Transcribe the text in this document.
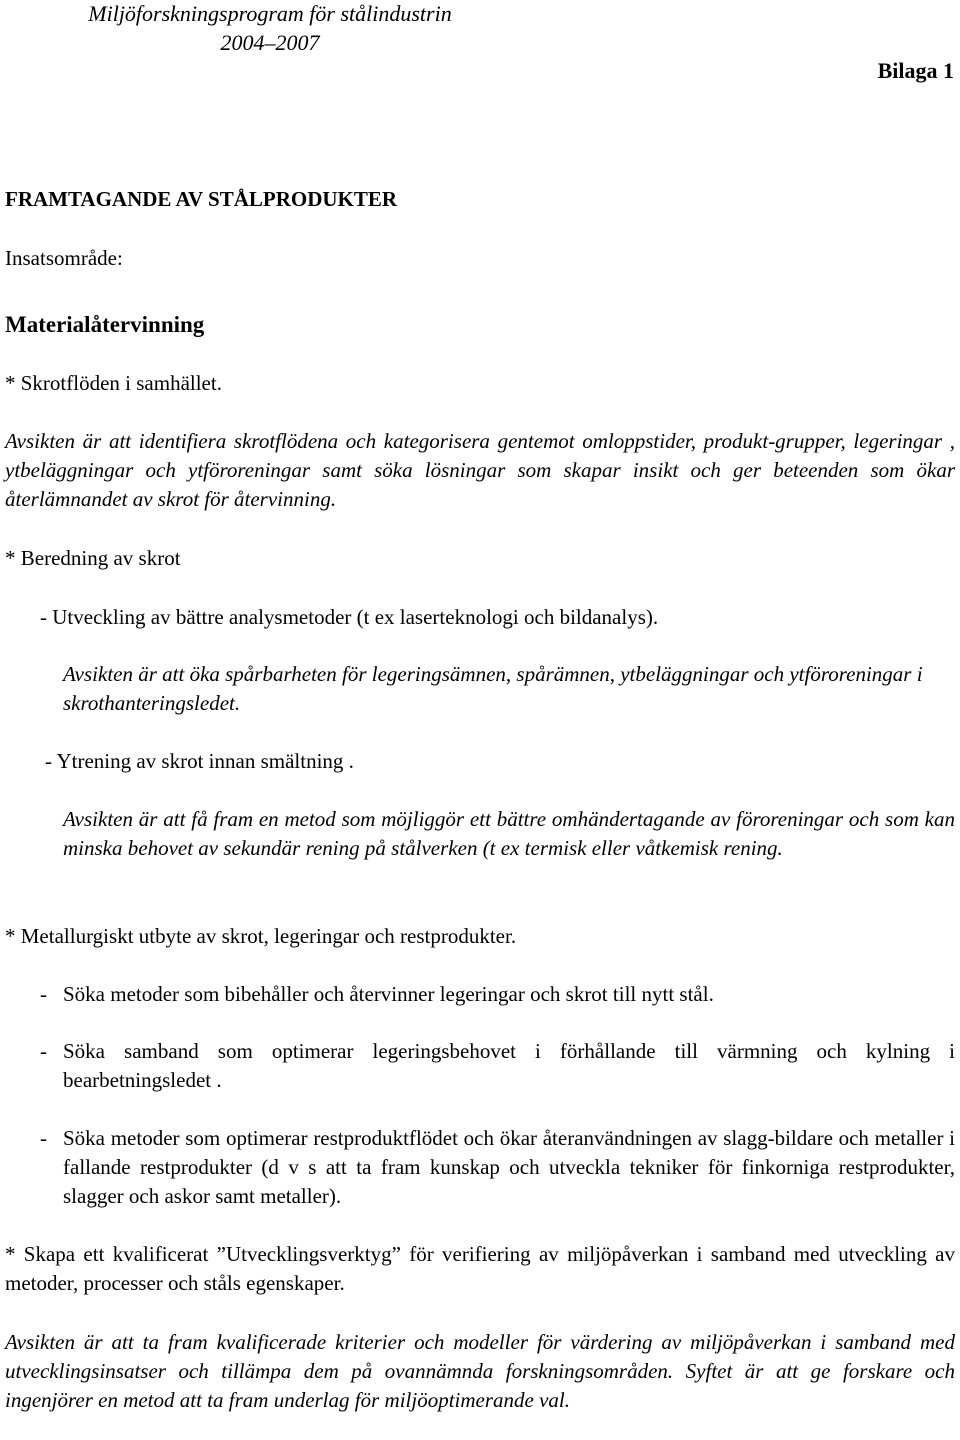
Miljöforskningsprogram för stålindustrin
2004–2007
Bilaga 1

FRAMTAGANDE AV STÅLPRODUKTER

Insatsområde:

Materialåtervinning

* Skrotflöden i samhället.

Avsikten är att identifiera skrotflödena och kategorisera gentemot omloppstider, produkt-grupper, legeringar , ytbeläggningar och ytföroreningar samt söka lösningar som skapar insikt och ger beteenden som ökar återlämnandet av skrot för återvinning.

* Beredning av skrot

- Utveckling av bättre analysmetoder (t ex laserteknologi och bildanalys).

Avsikten är att öka spårbarheten för legeringsämnen, spårämnen, ytbeläggningar och ytföroreningar i skrothanteringsledet.

- Ytrening av skrot innan smältning .

Avsikten är att få fram en metod som möjliggör ett bättre omhändertagande av föroreningar och som kan minska behovet av sekundär rening på stålverken (t ex termisk eller våtkemisk rening.

* Metallurgiskt utbyte av skrot, legeringar och restprodukter.

- Söka metoder som bibehåller och återvinner legeringar och skrot till nytt stål.
- Söka samband som optimerar legeringsbehovet i förhållande till värmning och kylning i bearbetningsledet .
- Söka metoder som optimerar restproduktflödet och ökar återanvändningen av slagg-bildare och metaller i fallande restprodukter (d v s att ta fram kunskap och utveckla tekniker för finkorniga restprodukter, slagger och askor samt metaller).

* Skapa ett kvalificerat ”Utvecklingsverktyg” för verifiering av miljöpåverkan i samband med utveckling av metoder, processer och ståls egenskaper.

Avsikten är att ta fram kvalificerade kriterier och modeller för värdering av miljöpåverkan i samband med utvecklingsinsatser och tillämpa dem på ovannämnda forskningsområden. Syftet är att ge forskare och ingenjörer en metod att ta fram underlag för miljöoptimerande val.
